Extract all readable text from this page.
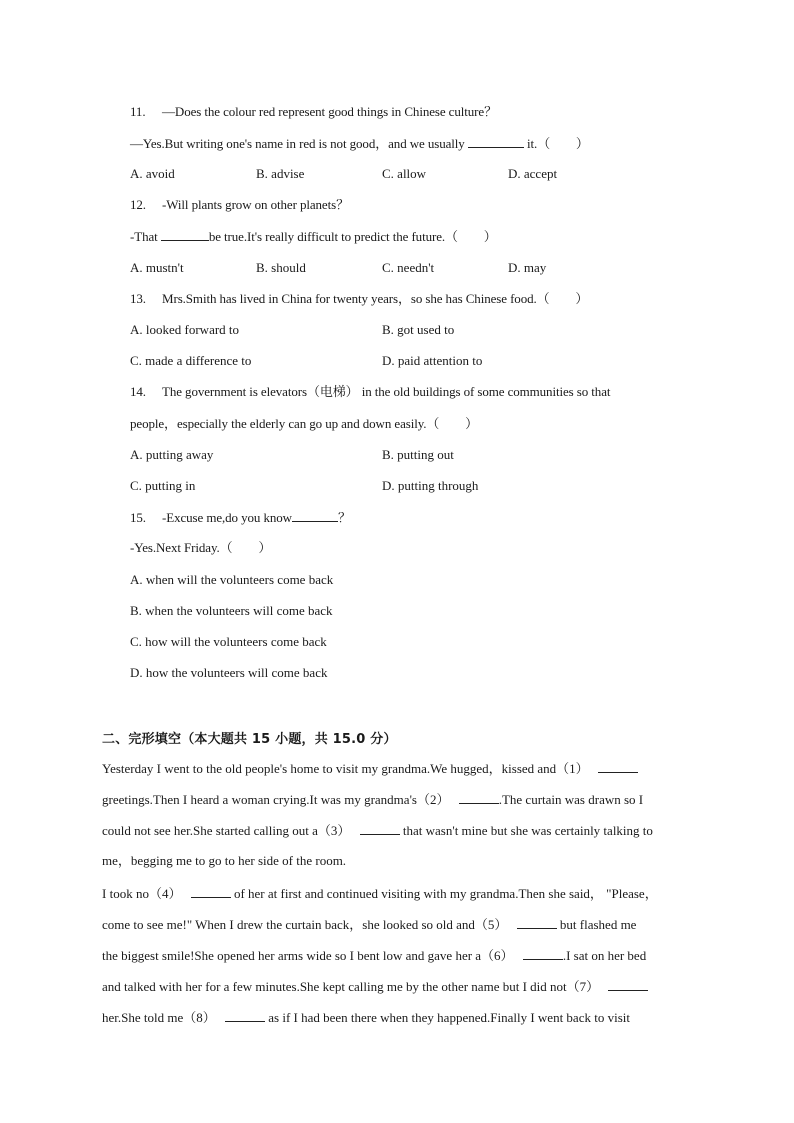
11. —Does the colour red represent good things in Chinese culture？
—Yes.But writing one's name in red is not good，and we usually	it.（　　）
A. avoid	B. advise	C. allow	D. accept
12. -Will plants grow on other planets？
-That	be true.It's really difficult to predict the future.（　　）
A. mustn't	B. should	C. needn't	D. may
13. Mrs.Smith has lived in China for twenty years，so she has Chinese food.（　　）
A. looked forward to	B. got used to
C. made a difference to	D. paid attention to
14. The government is elevators（电梯） in the old buildings of some communities so that
people，especially the elderly can go up and down easily.（　　）
A. putting away	B. putting out
C. putting in	D. putting through
15. -Excuse me,do you know	？
-Yes.Next Friday.（　　）
A. when will the volunteers come back
B. when the volunteers will come back
C. how will the volunteers come back
D. how the volunteers will come back
二、完形填空（本大题共 15 小题，共 15.0 分）
Yesterday I went to the old people's home to visit my grandma.We hugged，kissed and（1）
greetings.Then I heard a woman crying.It was my grandma's（2）	.The curtain was drawn so I
could not see her.She started calling out a（3）	that wasn't mine but she was certainly talking to
me，begging me to go to her side of the room.
I took no（4）	of her at first and continued visiting with my grandma.Then she said， "Please，
come to see me!" When I drew the curtain back，she looked so old and（5）	but flashed me
the biggest smile!She opened her arms wide so I bent low and gave her a（6）	.I sat on her bed
and talked with her for a few minutes.She kept calling me by the other name but I did not（7）
her.She told me（8）	as if I had been there when they happened.Finally I went back to visit
